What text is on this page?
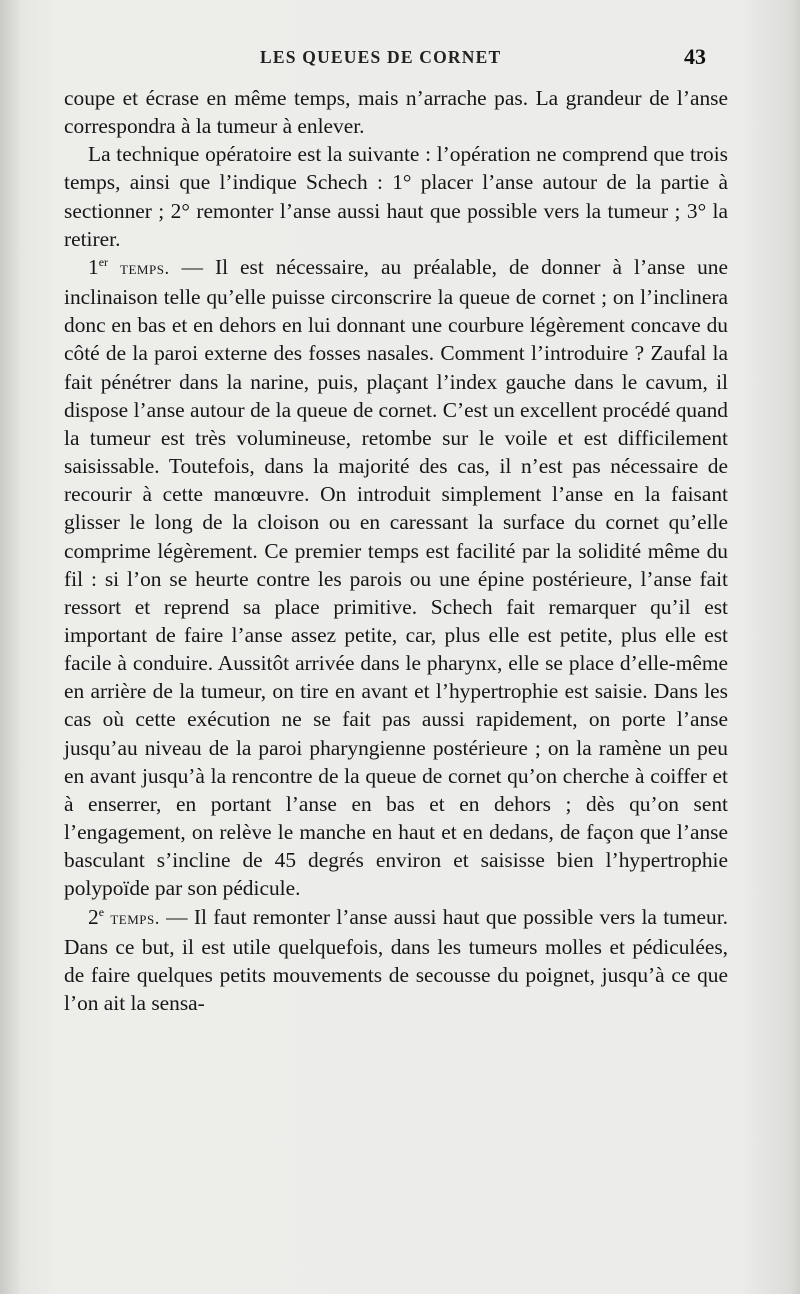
LES QUEUES DE CORNET	43

coupe et écrase en même temps, mais n’arrache pas. La grandeur de l’anse correspondra à la tumeur à enlever.

La technique opératoire est la suivante : l’opération ne comprend que trois temps, ainsi que l’indique Schech : 1° placer l’anse autour de la partie à sectionner ; 2° remonter l’anse aussi haut que possible vers la tumeur ; 3° la retirer.

1er temps. — Il est nécessaire, au préalable, de donner à l’anse une inclinaison telle qu’elle puisse circonscrire la queue de cornet ; on l’inclinera donc en bas et en dehors en lui donnant une courbure légèrement concave du côté de la paroi externe des fosses nasales. Comment l’introduire ? Zaufal la fait pénétrer dans la narine, puis, plaçant l’index gauche dans le cavum, il dispose l’anse autour de la queue de cornet. C’est un excellent procédé quand la tumeur est très volumineuse, retombe sur le voile et est difficilement saisissable. Toutefois, dans la majorité des cas, il n’est pas nécessaire de recourir à cette manœuvre. On introduit simplement l’anse en la faisant glisser le long de la cloison ou en caressant la surface du cornet qu’elle comprime légèrement. Ce premier temps est facilité par la solidité même du fil : si l’on se heurte contre les parois ou une épine postérieure, l’anse fait ressort et reprend sa place primitive. Schech fait remarquer qu’il est important de faire l’anse assez petite, car, plus elle est petite, plus elle est facile à conduire. Aussitôt arrivée dans le pharynx, elle se place d’elle-même en arrière de la tumeur, on tire en avant et l’hypertrophie est saisie. Dans les cas où cette exécution ne se fait pas aussi rapidement, on porte l’anse jusqu’au niveau de la paroi pharyngienne postérieure ; on la ramène un peu en avant jusqu’à la rencontre de la queue de cornet qu’on cherche à coiffer et à enserrer, en portant l’anse en bas et en dehors ; dès qu’on sent l’engagement, on relève le manche en haut et en dedans, de façon que l’anse basculant s’incline de 45 degrés environ et saisisse bien l’hypertrophie polypoïde par son pédicule.

2e temps. — Il faut remonter l’anse aussi haut que possible vers la tumeur. Dans ce but, il est utile quelquefois, dans les tumeurs molles et pédiculées, de faire quelques petits mouvements de secousse du poignet, jusqu’à ce que l’on ait la sensa-
